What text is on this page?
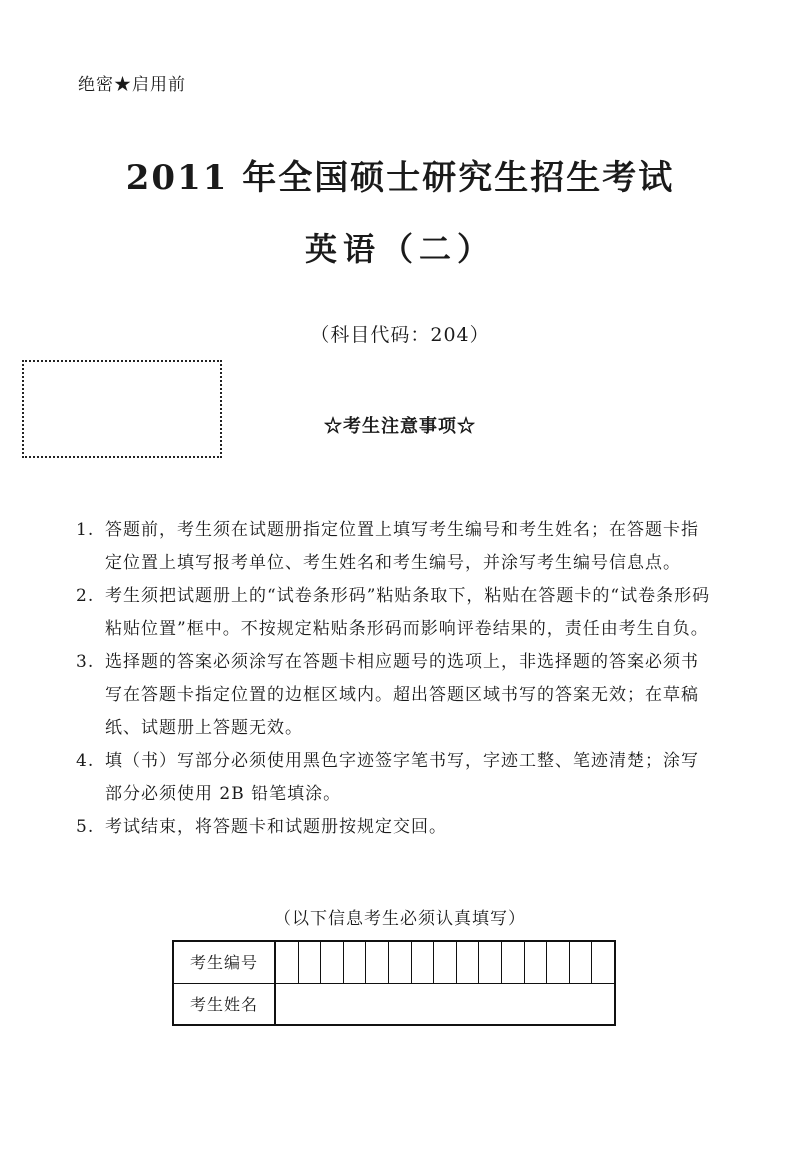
绝密★启用前
2011 年全国硕士研究生招生考试
英语（二）
（科目代码：204）
☆考生注意事项☆
1. 答题前，考生须在试题册指定位置上填写考生编号和考生姓名；在答题卡指定位置上填写报考单位、考生姓名和考生编号，并涂写考生编号信息点。
2. 考生须把试题册上的“试卷条形码”粘贴条取下，粘贴在答题卡的“试卷条形码粘贴位置”框中。不按规定粘贴条形码而影响评卷结果的，责任由考生自负。
3. 选择题的答案必须涂写在答题卡相应题号的选项上，非选择题的答案必须书写在答题卡指定位置的边框区域内。超出答题区域书写的答案无效；在草稿纸、试题册上答题无效。
4. 填（书）写部分必须使用黑色字迹签字笔书写，字迹工整、笔迹清楚；涂写部分必须使用 2B 铅笔填涂。
5. 考试结束，将答题卡和试题册按规定交回。
（以下信息考生必须认真填写）
考生编号
考生姓名
